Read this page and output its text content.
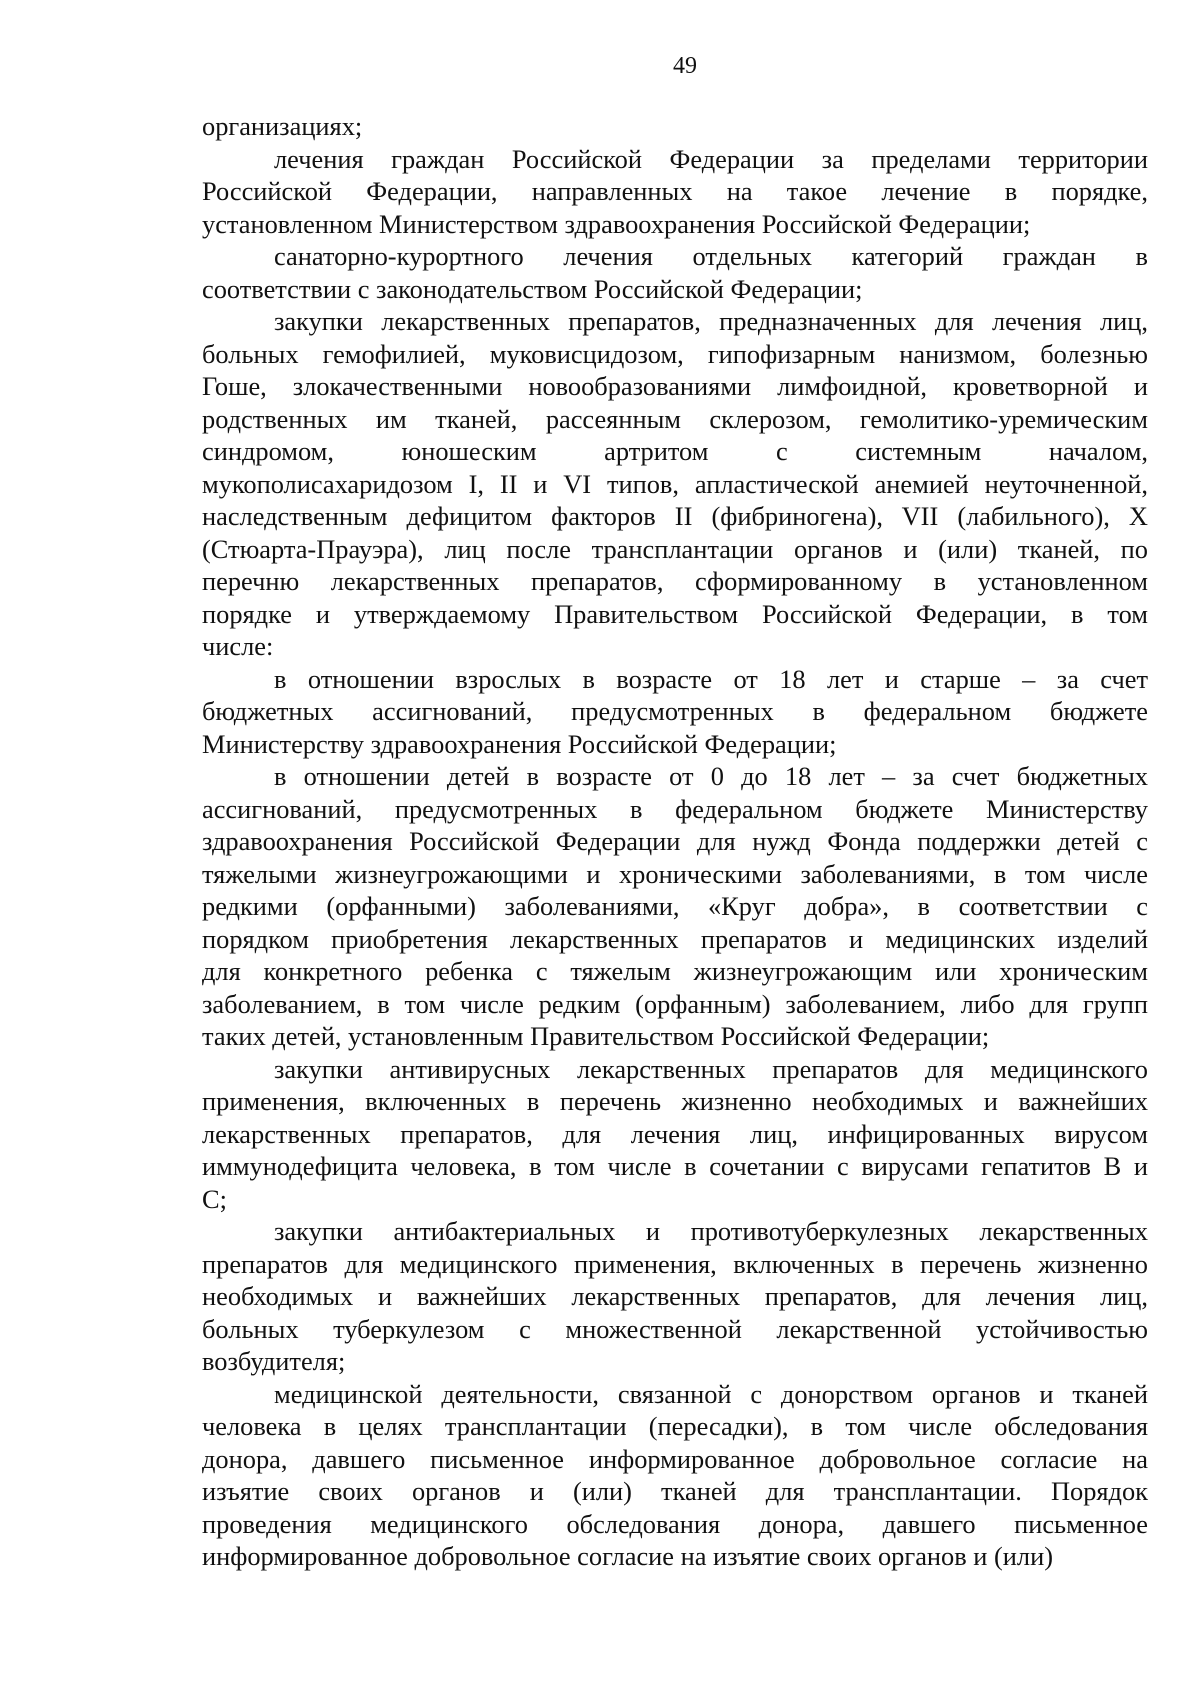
49
организациях;
лечения граждан Российской Федерации за пределами территории
Российской Федерации, направленных на такое лечение в порядке,
установленном Министерством здравоохранения Российской Федерации;
санаторно-курортного лечения отдельных категорий граждан в
соответствии с законодательством Российской Федерации;
закупки лекарственных препаратов, предназначенных для лечения лиц,
больных гемофилией, муковисцидозом, гипофизарным нанизмом, болезнью
Гоше, злокачественными новообразованиями лимфоидной, кроветворной и
родственных им тканей, рассеянным склерозом, гемолитико-уремическим
синдромом, юношеским артритом с системным началом,
мукополисахаридозом I, II и VI типов, апластической анемией неуточненной,
наследственным дефицитом факторов II (фибриногена), VII (лабильного), X
(Стюарта-Прауэра), лиц после трансплантации органов и (или) тканей, по
перечню лекарственных препаратов, сформированному в установленном
порядке и утверждаемому Правительством Российской Федерации, в том
числе:
в отношении взрослых в возрасте от 18 лет и старше – за счет
бюджетных ассигнований, предусмотренных в федеральном бюджете
Министерству здравоохранения Российской Федерации;
в отношении детей в возрасте от 0 до 18 лет – за счет бюджетных
ассигнований, предусмотренных в федеральном бюджете Министерству
здравоохранения Российской Федерации для нужд Фонда поддержки детей с
тяжелыми жизнеугрожающими и хроническими заболеваниями, в том числе
редкими (орфанными) заболеваниями, «Круг добра», в соответствии с
порядком приобретения лекарственных препаратов и медицинских изделий
для конкретного ребенка с тяжелым жизнеугрожающим или хроническим
заболеванием, в том числе редким (орфанным) заболеванием, либо для групп
таких детей, установленным Правительством Российской Федерации;
закупки антивирусных лекарственных препаратов для медицинского
применения, включенных в перечень жизненно необходимых и важнейших
лекарственных препаратов, для лечения лиц, инфицированных вирусом
иммунодефицита человека, в том числе в сочетании с вирусами гепатитов B и
C;
закупки антибактериальных и противотуберкулезных лекарственных
препаратов для медицинского применения, включенных в перечень жизненно
необходимых и важнейших лекарственных препаратов, для лечения лиц,
больных туберкулезом с множественной лекарственной устойчивостью
возбудителя;
медицинской деятельности, связанной с донорством органов и тканей
человека в целях трансплантации (пересадки), в том числе обследования
донора, давшего письменное информированное добровольное согласие на
изъятие своих органов и (или) тканей для трансплантации. Порядок
проведения медицинского обследования донора, давшего письменное
информированное добровольное согласие на изъятие своих органов и (или)
